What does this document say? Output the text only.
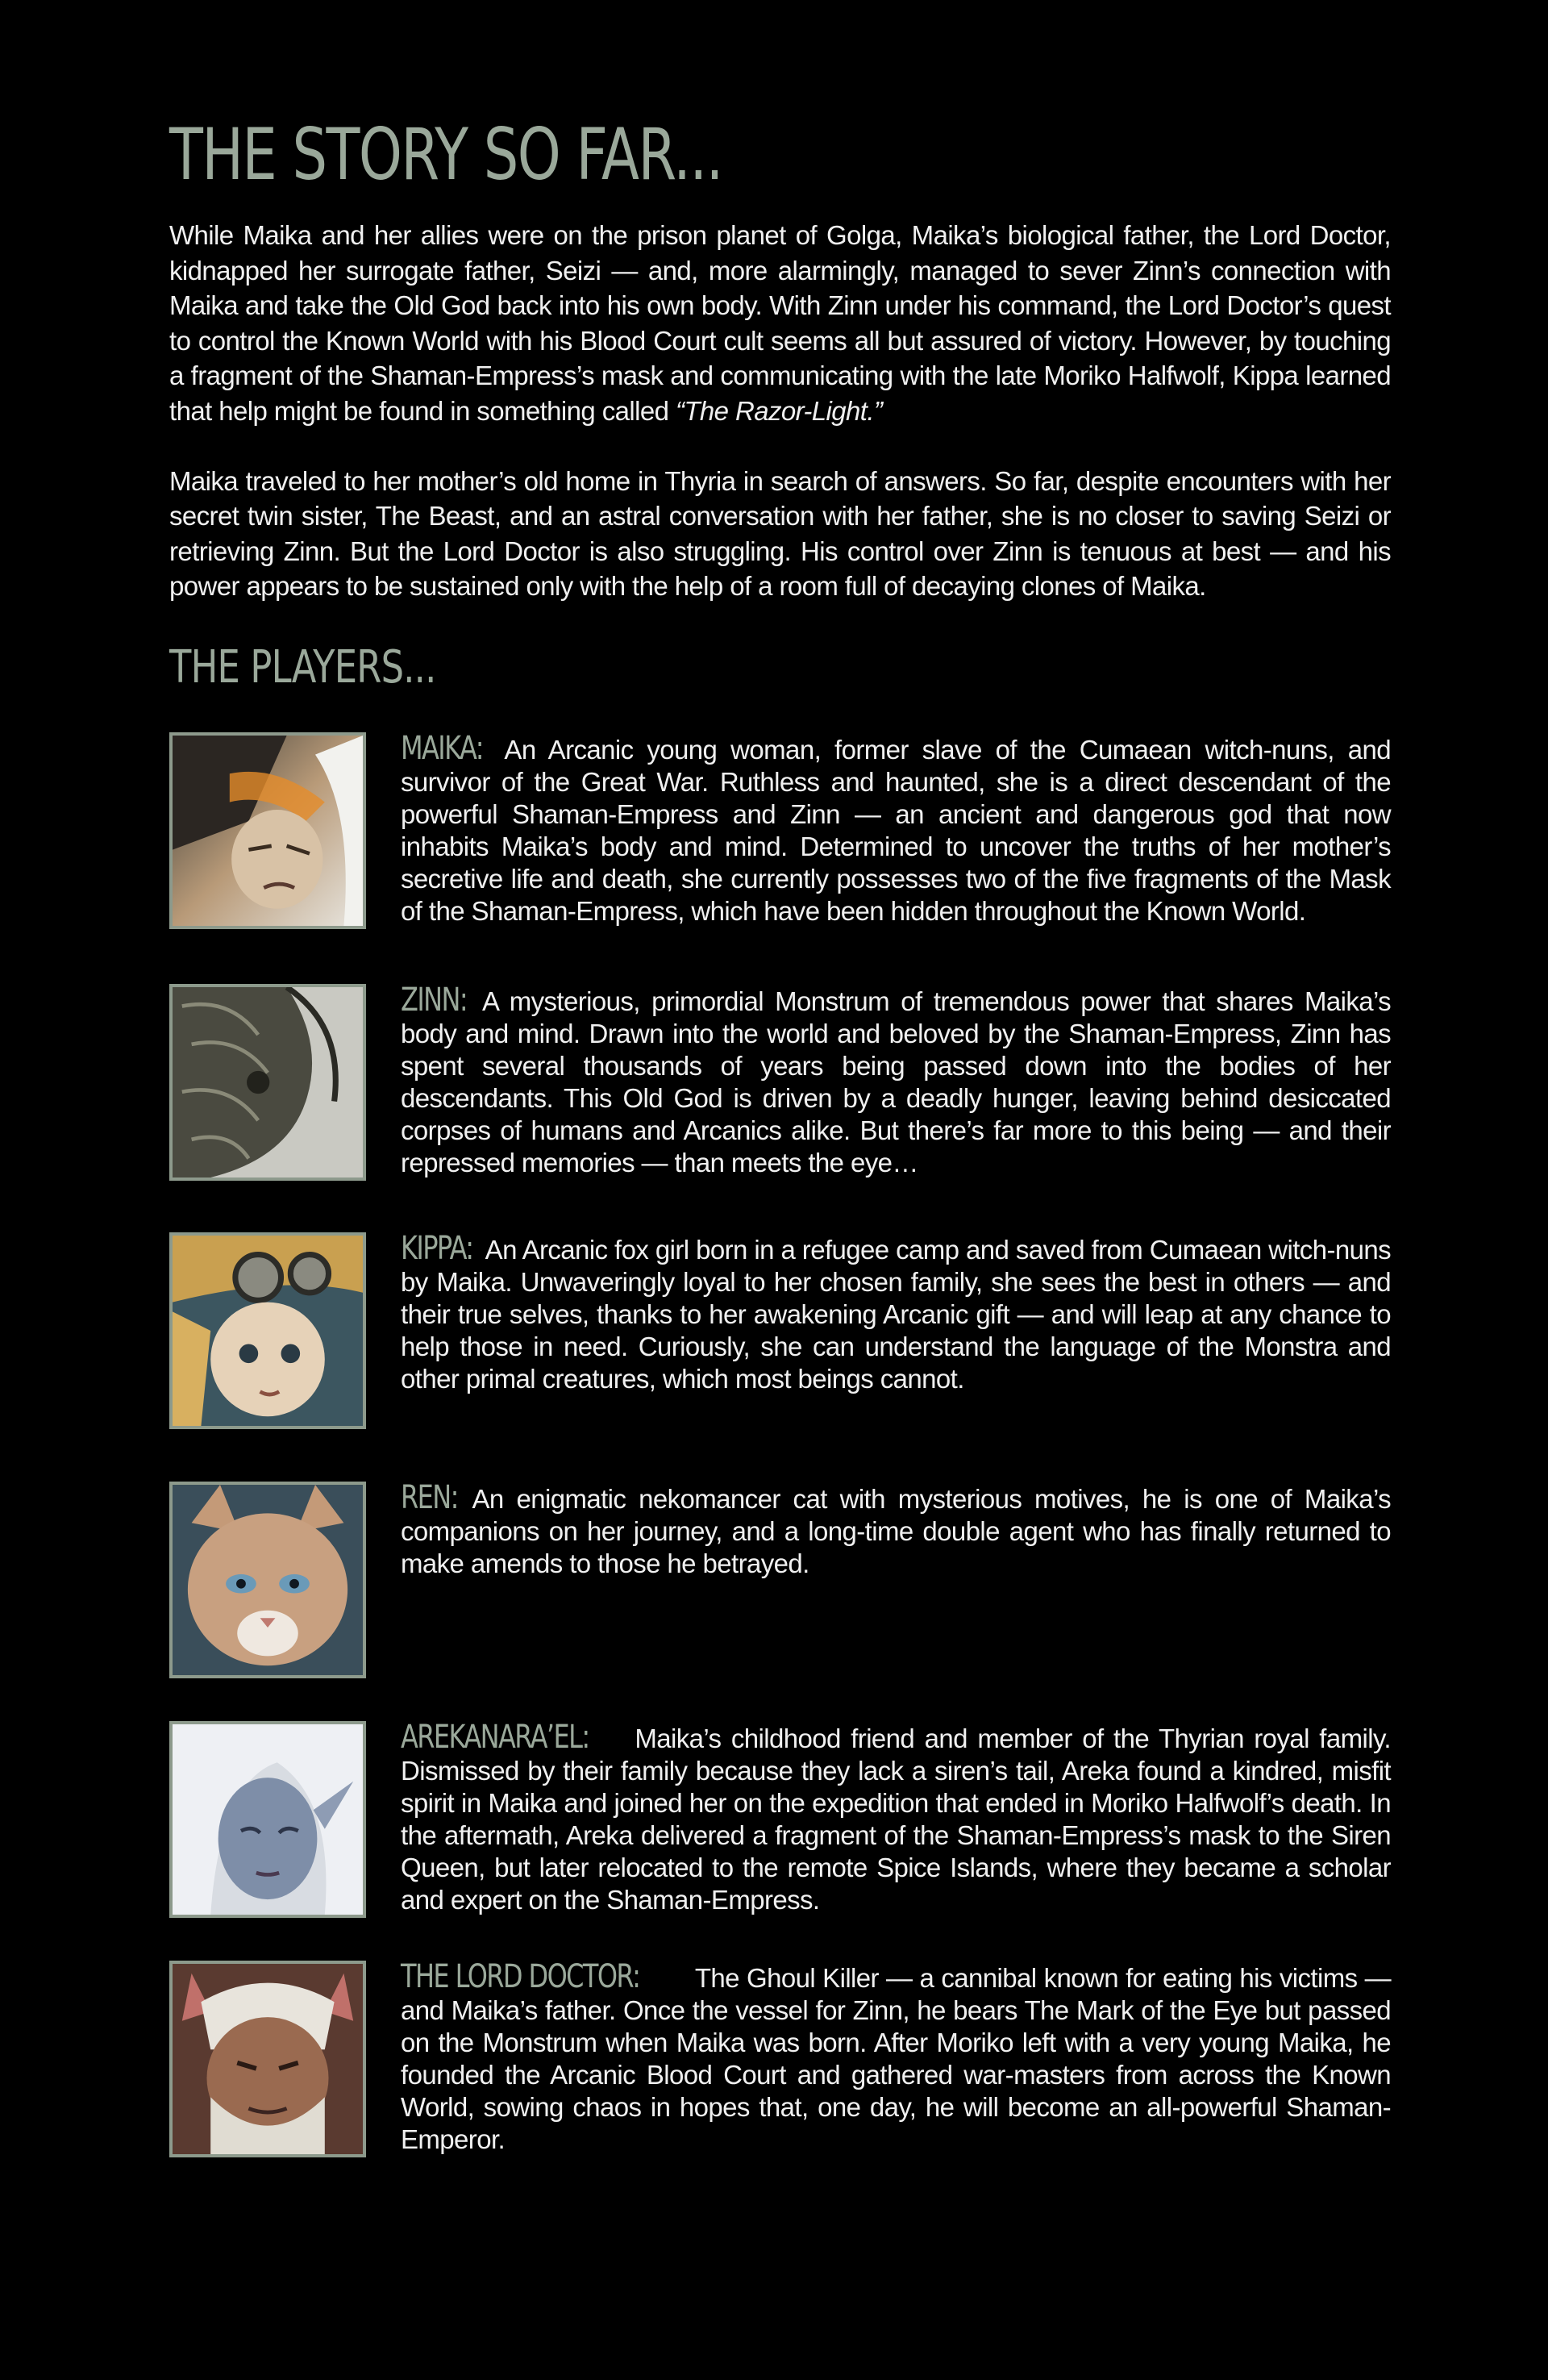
THE STORY SO FAR...

While Maika and her allies were on the prison planet of Golga, Maika’s biological father, the Lord Doctor, kidnapped her surrogate father, Seizi — and, more alarmingly, managed to sever Zinn’s connection with Maika and take the Old God back into his own body. With Zinn under his command, the Lord Doctor’s quest to control the Known World with his Blood Court cult seems all but assured of victory. However, by touching a fragment of the Shaman-Empress’s mask and communicating with the late Moriko Halfwolf, Kippa learned that help might be found in something called “The Razor-Light.”

Maika traveled to her mother’s old home in Thyria in search of answers. So far, despite encounters with her secret twin sister, The Beast, and an astral conversation with her father, she is no closer to saving Seizi or retrieving Zinn. But the Lord Doctor is also struggling. His control over Zinn is tenuous at best — and his power appears to be sustained only with the help of a room full of decaying clones of Maika.

THE PLAYERS...
MAIKA: An Arcanic young woman, former slave of the Cumaean witch-nuns, and survivor of the Great War. Ruthless and haunted, she is a direct descendant of the powerful Shaman-Empress and Zinn — an ancient and dangerous god that now inhabits Maika’s body and mind. Determined to uncover the truths of her mother’s secretive life and death, she currently possesses two of the five fragments of the Mask of the Shaman-Empress, which have been hidden throughout the Known World.
ZINN: A mysterious, primordial Monstrum of tremendous power that shares Maika’s body and mind. Drawn into the world and beloved by the Shaman-Empress, Zinn has spent several thousands of years being passed down into the bodies of her descendants. This Old God is driven by a deadly hunger, leaving behind desiccated corpses of humans and Arcanics alike. But there’s far more to this being — and their repressed memories — than meets the eye…
KIPPA: An Arcanic fox girl born in a refugee camp and saved from Cumaean witch-nuns by Maika. Unwaveringly loyal to her chosen family, she sees the best in others — and their true selves, thanks to her awakening Arcanic gift — and will leap at any chance to help those in need. Curiously, she can understand the language of the Monstra and other primal creatures, which most beings cannot.
REN: An enigmatic nekomancer cat with mysterious motives, he is one of Maika’s companions on her journey, and a long-time double agent who has finally returned to make amends to those he betrayed.
AREKANARA’EL: Maika’s childhood friend and member of the Thyrian royal family. Dismissed by their family because they lack a siren’s tail, Areka found a kindred, misfit spirit in Maika and joined her on the expedition that ended in Moriko Halfwolf’s death. In the aftermath, Areka delivered a fragment of the Shaman-Empress’s mask to the Siren Queen, but later relocated to the remote Spice Islands, where they became a scholar and expert on the Shaman-Empress.
THE LORD DOCTOR: The Ghoul Killer — a cannibal known for eating his victims — and Maika’s father. Once the vessel for Zinn, he bears The Mark of the Eye but passed on the Monstrum when Maika was born. After Moriko left with a very young Maika, he founded the Arcanic Blood Court and gathered war-masters from across the Known World, sowing chaos in hopes that, one day, he will become an all-powerful Shaman-Emperor.
